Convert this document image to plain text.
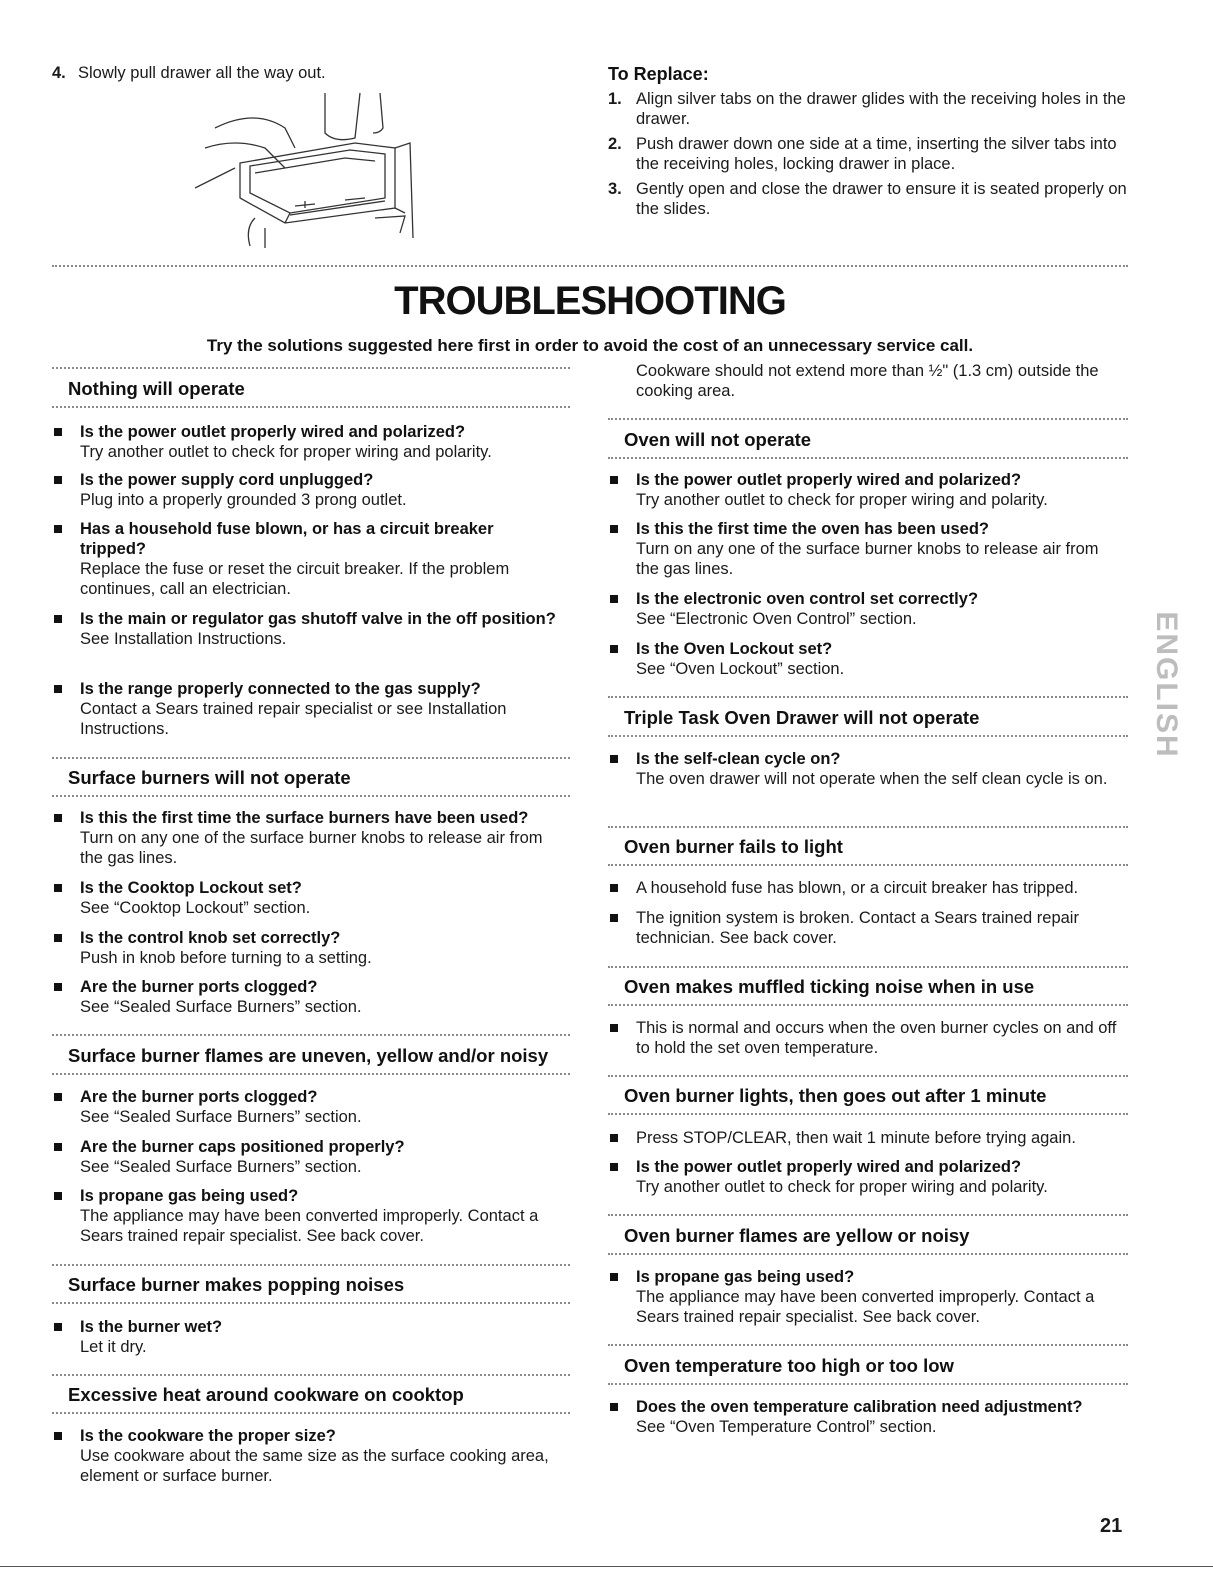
4. Slowly pull drawer all the way out.	To Replace:
1. Align silver tabs on the drawer glides with the receiving holes in the drawer.
2. Push drawer down one side at a time, inserting the silver tabs into the receiving holes, locking drawer in place.
3. Gently open and close the drawer to ensure it is seated properly on the slides.
TROUBLESHOOTING
Try the solutions suggested here first in order to avoid the cost of an unnecessary service call.
Nothing will operate
Is the power outlet properly wired and polarized?
Try another outlet to check for proper wiring and polarity.
Is the power supply cord unplugged?
Plug into a properly grounded 3 prong outlet.
Has a household fuse blown, or has a circuit breaker tripped?
Replace the fuse or reset the circuit breaker. If the problem continues, call an electrician.
Is the main or regulator gas shutoff valve in the off position?
See Installation Instructions.
Is the range properly connected to the gas supply?
Contact a Sears trained repair specialist or see Installation Instructions.
Surface burners will not operate
Is this the first time the surface burners have been used?
Turn on any one of the surface burner knobs to release air from the gas lines.
Is the Cooktop Lockout set?
See “Cooktop Lockout” section.
Is the control knob set correctly?
Push in knob before turning to a setting.
Are the burner ports clogged?
See “Sealed Surface Burners” section.
Surface burner flames are uneven, yellow and/or noisy
Are the burner ports clogged?
See “Sealed Surface Burners” section.
Are the burner caps positioned properly?
See “Sealed Surface Burners” section.
Is propane gas being used?
The appliance may have been converted improperly. Contact a Sears trained repair specialist. See back cover.
Surface burner makes popping noises
Is the burner wet?
Let it dry.
Excessive heat around cookware on cooktop
Is the cookware the proper size?
Use cookware about the same size as the surface cooking area, element or surface burner.
Cookware should not extend more than ½" (1.3 cm) outside the cooking area.
Oven will not operate
Is the power outlet properly wired and polarized?
Try another outlet to check for proper wiring and polarity.
Is this the first time the oven has been used?
Turn on any one of the surface burner knobs to release air from the gas lines.
Is the electronic oven control set correctly?
See “Electronic Oven Control” section.
Is the Oven Lockout set?
See “Oven Lockout” section.
Triple Task Oven Drawer will not operate
Is the self-clean cycle on?
The oven drawer will not operate when the self clean cycle is on.
Oven burner fails to light
A household fuse has blown, or a circuit breaker has tripped.
The ignition system is broken. Contact a Sears trained repair technician. See back cover.
Oven makes muffled ticking noise when in use
This is normal and occurs when the oven burner cycles on and off to hold the set oven temperature.
Oven burner lights, then goes out after 1 minute
Press STOP/CLEAR, then wait 1 minute before trying again.
Is the power outlet properly wired and polarized?
Try another outlet to check for proper wiring and polarity.
Oven burner flames are yellow or noisy
Is propane gas being used?
The appliance may have been converted improperly. Contact a Sears trained repair specialist. See back cover.
Oven temperature too high or too low
Does the oven temperature calibration need adjustment?
See “Oven Temperature Control” section.
ENGLISH
21
